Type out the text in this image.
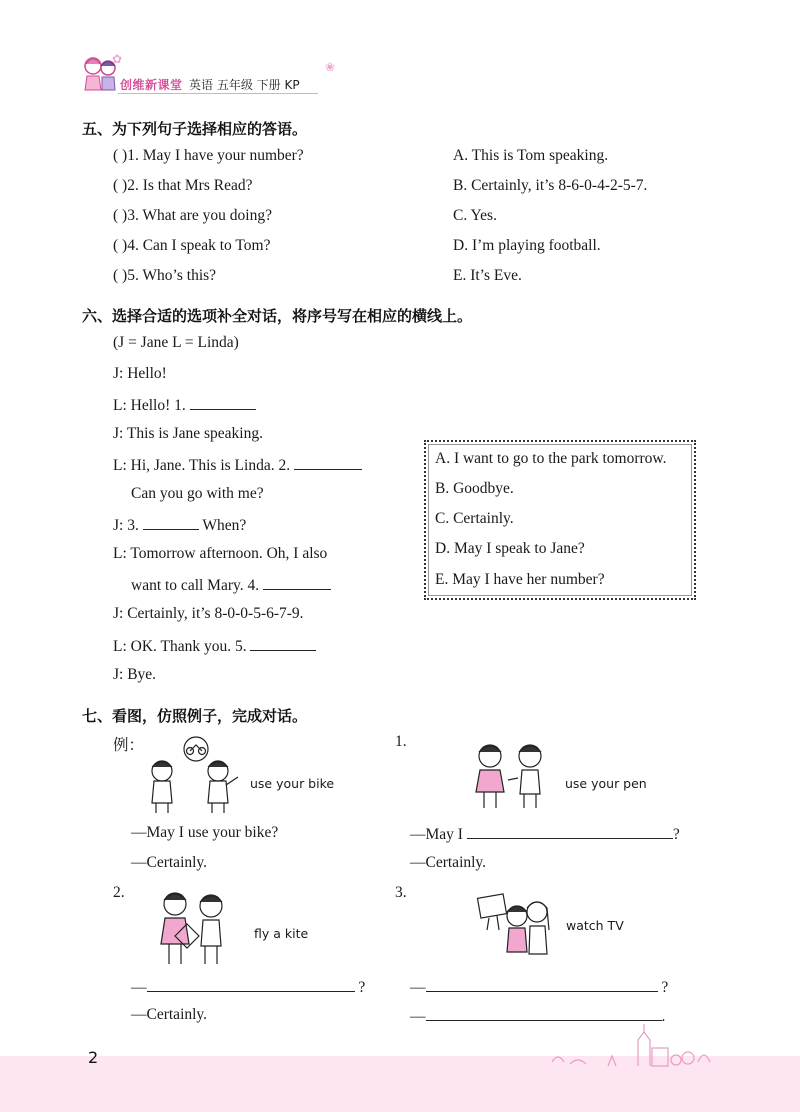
✿
❀
创维新课堂 英语 五年级 下册 KP
五、为下列句子选择相应的答语。
( )1. May I have your number?
( )2. Is that Mrs Read?
( )3. What are you doing?
( )4. Can I speak to Tom?
( )5. Who’s this?
A. This is Tom speaking.
B. Certainly, it’s 8-6-0-4-2-5-7.
C. Yes.
D. I’m playing football.
E. It’s Eve.
六、选择合适的选项补全对话，将序号写在相应的横线上。
(J = Jane L = Linda)
J: Hello!
L: Hello! 1.
J: This is Jane speaking.
L: Hi, Jane. This is Linda. 2.
Can you go with me?
J: 3.	When?
L: Tomorrow afternoon. Oh, I also
want to call Mary. 4.
J: Certainly, it’s 8-0-0-5-6-7-9.
L: OK. Thank you. 5.
J: Bye.
A. I want to go to the park tomorrow.
B. Goodbye.
C. Certainly.
D. May I speak to Jane?
E. May I have her number?
七、看图，仿照例子，完成对话。
例：
use your bike
—May I use your bike?
—Certainly.
1.
use your pen
—May I	?
—Certainly.
2.
fly a kite
—	?
—Certainly.
3.
watch TV
—	?
—	.
2
